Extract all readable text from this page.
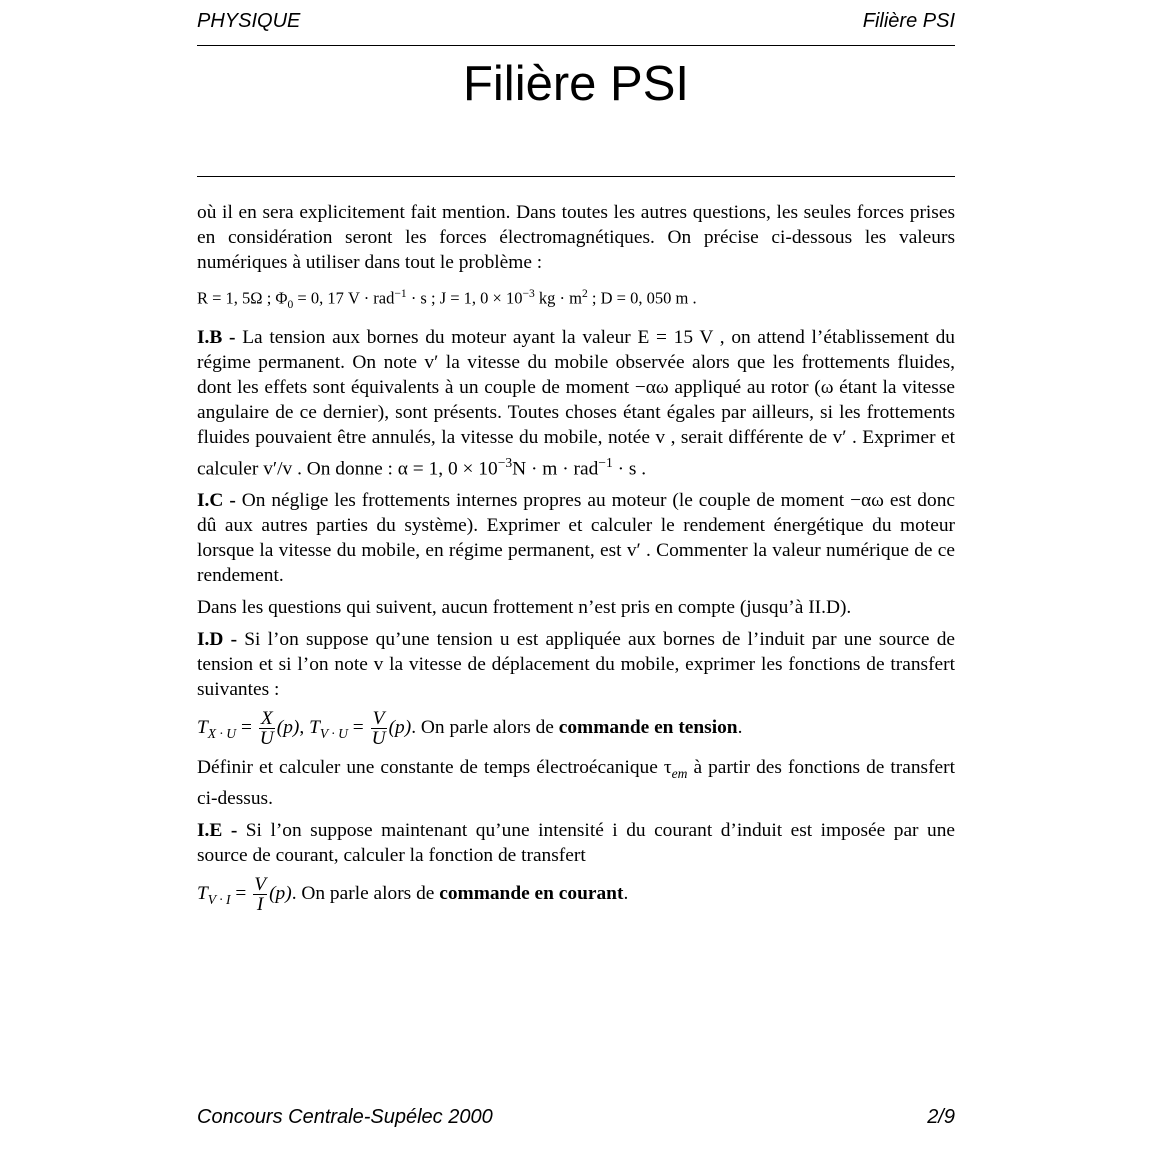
PHYSIQUE	Filière PSI
Filière PSI

où il en sera explicitement fait mention. Dans toutes les autres questions, les seules forces prises en considération seront les forces électromagnétiques. On précise ci-dessous les valeurs numériques à utiliser dans tout le problème :

R = 1, 5Ω ; $\Phi_0 = 0$, 17 V · rad$^{-1}$ · s ; J = 1, $0 \times 10^{-3}$ kg · $m^2$ ; D = 0, 050 m .

I.B - La tension aux bornes du moteur ayant la valeur E = 15 V , on attend l’établissement du régime permanent. On note v′ la vitesse du mobile observée alors que les frottements fluides, dont les effets sont équivalents à un couple de moment −αω appliqué au rotor (ω étant la vitesse angulaire de ce dernier), sont présents. Toutes choses étant égales par ailleurs, si les frottements fluides pouvaient être annulés, la vitesse du mobile, notée v , serait différente de v′ . Exprimer et calculer v′/v . On donne : α = 1, $0 \times 10^{-3}N \cdot m \cdot rad^{-1} \cdot s$ .

I.C - On néglige les frottements internes propres au moteur (le couple de moment −αω est donc dû aux autres parties du système). Exprimer et calculer le rendement énergétique du moteur lorsque la vitesse du mobile, en régime permanent, est v′ . Commenter la valeur numérique de ce rendement.

Dans les questions qui suivent, aucun frottement n’est pris en compte (jusqu’à II.D).

I.D - Si l’on suppose qu’une tension u est appliquée aux bornes de l’induit par une source de tension et si l’on note v la vitesse de déplacement du mobile, exprimer les fonctions de transfert suivantes :

$T_{X \cdot U} = \frac{X}{U} (p)$, $T_{V \cdot U} = \frac{V}{U} (p)$. On parle alors de commande en tension.

Définir et calculer une constante de temps électroécanique $\tau_{em}$ à partir des fonctions de transfert ci-dessus.

I.E - Si l’on suppose maintenant qu’une intensité i du courant d’induit est imposée par une source de courant, calculer la fonction de transfert

$T_{V \cdot I} = \frac{V}{I} (p)$. On parle alors de commande en courant.

Concours Centrale-Supélec 2000	2/9
